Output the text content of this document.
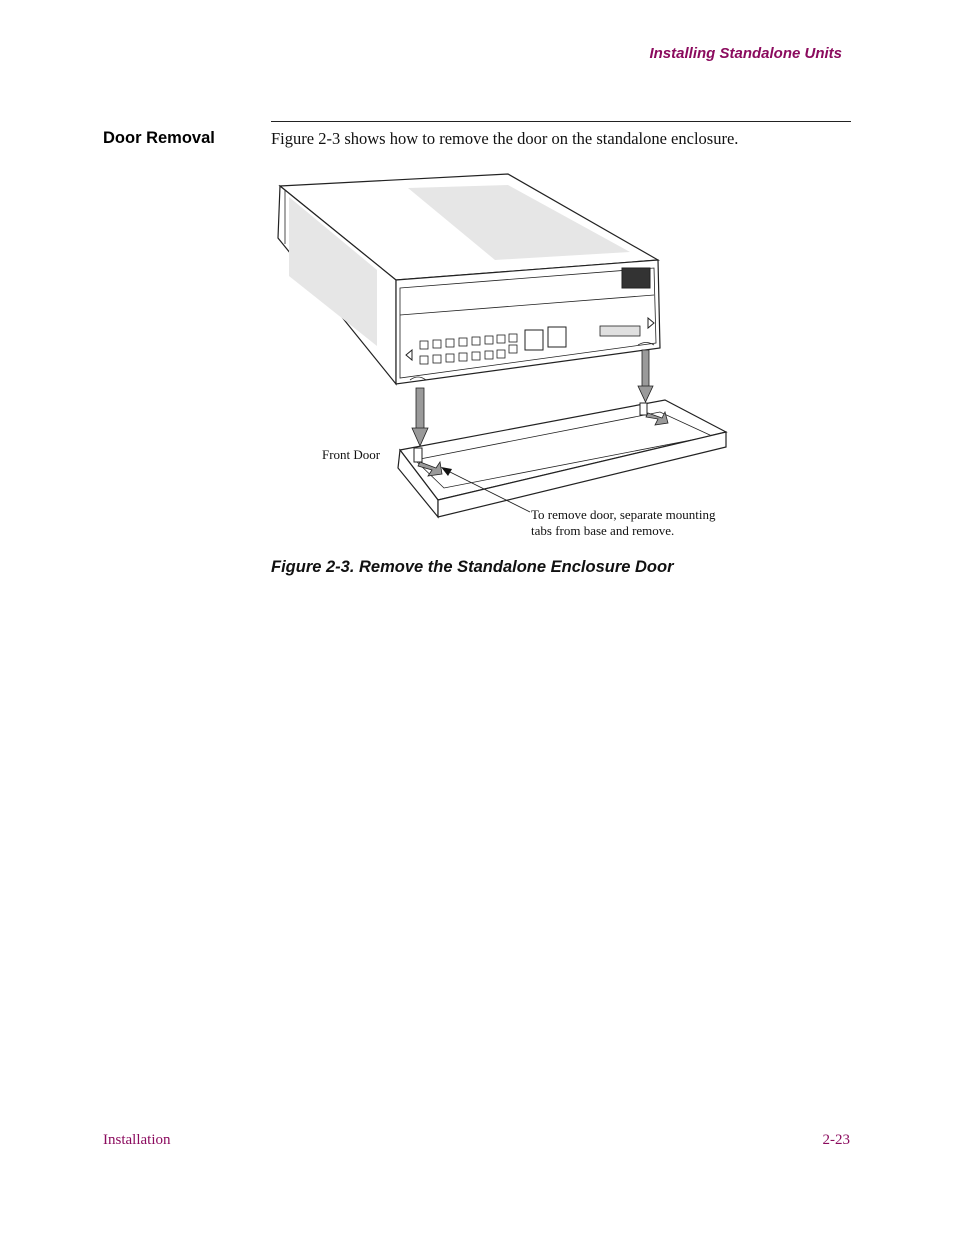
Installing Standalone Units
Door Removal	Figure 2-3 shows how to remove the door on the standalone enclosure.
Front Door
To remove door, separate mounting
tabs from base and remove.
Figure 2-3. Remove the Standalone Enclosure Door
Installation	2-23
